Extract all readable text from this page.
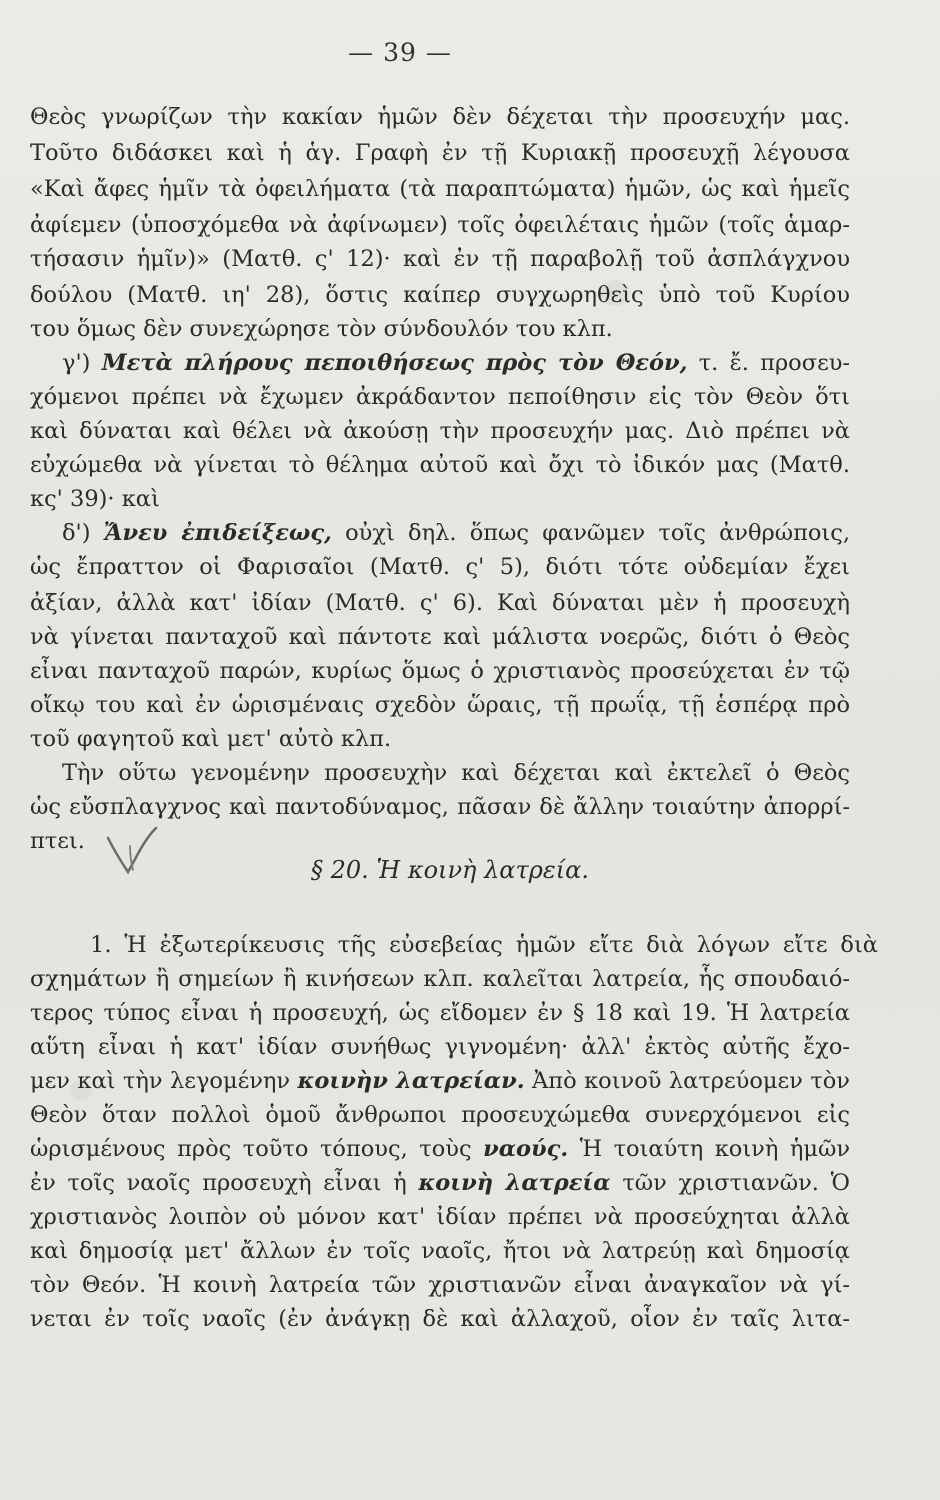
— 39 —
Θεὸς γνωρίζων τὴν κακίαν ἡμῶν δὲν δέχεται τὴν προσευχήν μας.
Τοῦτο διδάσκει καὶ ἡ ἁγ. Γραφὴ ἐν τῇ Κυριακῇ προσευχῇ λέγουσα
«Καὶ ἄφες ἡμῖν τὰ ὀφειλήματα (τὰ παραπτώματα) ἡμῶν, ὡς καὶ ἡμεῖς
ἀφίεμεν (ὑποσχόμεθα νὰ ἀφίνωμεν) τοῖς ὀφειλέταις ἡμῶν (τοῖς ἁμαρ-
τήσασιν ἡμῖν)» (Ματθ. ς' 12)· καὶ ἐν τῇ παραβολῇ τοῦ ἀσπλάγχνου
δούλου (Ματθ. ιη' 28), ὅστις καίπερ συγχωρηθεὶς ὑπὸ τοῦ Κυρίου
του ὅμως δὲν συνεχώρησε τὸν σύνδουλόν του κλπ.
γ') Μετὰ πλήρους πεποιθήσεως πρὸς τὸν Θεόν, τ. ἔ. προσευ-
χόμενοι πρέπει νὰ ἔχωμεν ἀκράδαντον πεποίθησιν εἰς τὸν Θεὸν ὅτι
καὶ δύναται καὶ θέλει νὰ ἀκούσῃ τὴν προσευχήν μας. Διὸ πρέπει νὰ
εὐχώμεθα νὰ γίνεται τὸ θέλημα αὐτοῦ καὶ ὄχι τὸ ἰδικόν μας (Ματθ.
κς' 39)· καὶ
δ') Ἄνευ ἐπιδείξεως, οὐχὶ δηλ. ὅπως φανῶμεν τοῖς ἀνθρώποις,
ὡς ἔπραττον οἱ Φαρισαῖοι (Ματθ. ς' 5), διότι τότε οὐδεμίαν ἔχει
ἀξίαν, ἀλλὰ κατ' ἰδίαν (Ματθ. ς' 6). Καὶ δύναται μὲν ἡ προσευχὴ
νὰ γίνεται πανταχοῦ καὶ πάντοτε καὶ μάλιστα νοερῶς, διότι ὁ Θεὸς
εἶναι πανταχοῦ παρών, κυρίως ὅμως ὁ χριστιανὸς προσεύχεται ἐν τῷ
οἴκῳ του καὶ ἐν ὡρισμέναις σχεδὸν ὥραις, τῇ πρωΐᾳ, τῇ ἑσπέρᾳ πρὸ
τοῦ φαγητοῦ καὶ μετ' αὐτὸ κλπ.
Τὴν οὕτω γενομένην προσευχὴν καὶ δέχεται καὶ ἐκτελεῖ ὁ Θεὸς
ὡς εὔσπλαγχνος καὶ παντοδύναμος, πᾶσαν δὲ ἄλλην τοιαύτην ἀπορρί-
πτει.
§ 20. Ἡ κοινὴ λατρεία.
1. Ἡ ἐξωτερίκευσις τῆς εὐσεβείας ἡμῶν εἴτε διὰ λόγων εἴτε διὰ
σχημάτων ἢ σημείων ἢ κινήσεων κλπ. καλεῖται λατρεία, ἧς σπουδαιό-
τερος τύπος εἶναι ἡ προσευχή, ὡς εἴδομεν ἐν § 18 καὶ 19. Ἡ λατρεία
αὕτη εἶναι ἡ κατ' ἰδίαν συνήθως γιγνομένη· ἀλλ' ἐκτὸς αὐτῆς ἔχο-
μεν καὶ τὴν λεγομένην κοινὴν λατρείαν. Ἀπὸ κοινοῦ λατρεύομεν τὸν
Θεὸν ὅταν πολλοὶ ὁμοῦ ἄνθρωποι προσευχώμεθα συνερχόμενοι εἰς
ὡρισμένους πρὸς τοῦτο τόπους, τοὺς ναούς. Ἡ τοιαύτη κοινὴ ἡμῶν
ἐν τοῖς ναοῖς προσευχὴ εἶναι ἡ κοινὴ λατρεία τῶν χριστιανῶν. Ὁ
χριστιανὸς λοιπὸν οὐ μόνον κατ' ἰδίαν πρέπει νὰ προσεύχηται ἀλλὰ
καὶ δημοσίᾳ μετ' ἄλλων ἐν τοῖς ναοῖς, ἤτοι νὰ λατρεύῃ καὶ δημοσίᾳ
τὸν Θεόν. Ἡ κοινὴ λατρεία τῶν χριστιανῶν εἶναι ἀναγκαῖον νὰ γί-
νεται ἐν τοῖς ναοῖς (ἐν ἀνάγκῃ δὲ καὶ ἀλλαχοῦ, οἷον ἐν ταῖς λιτα-
